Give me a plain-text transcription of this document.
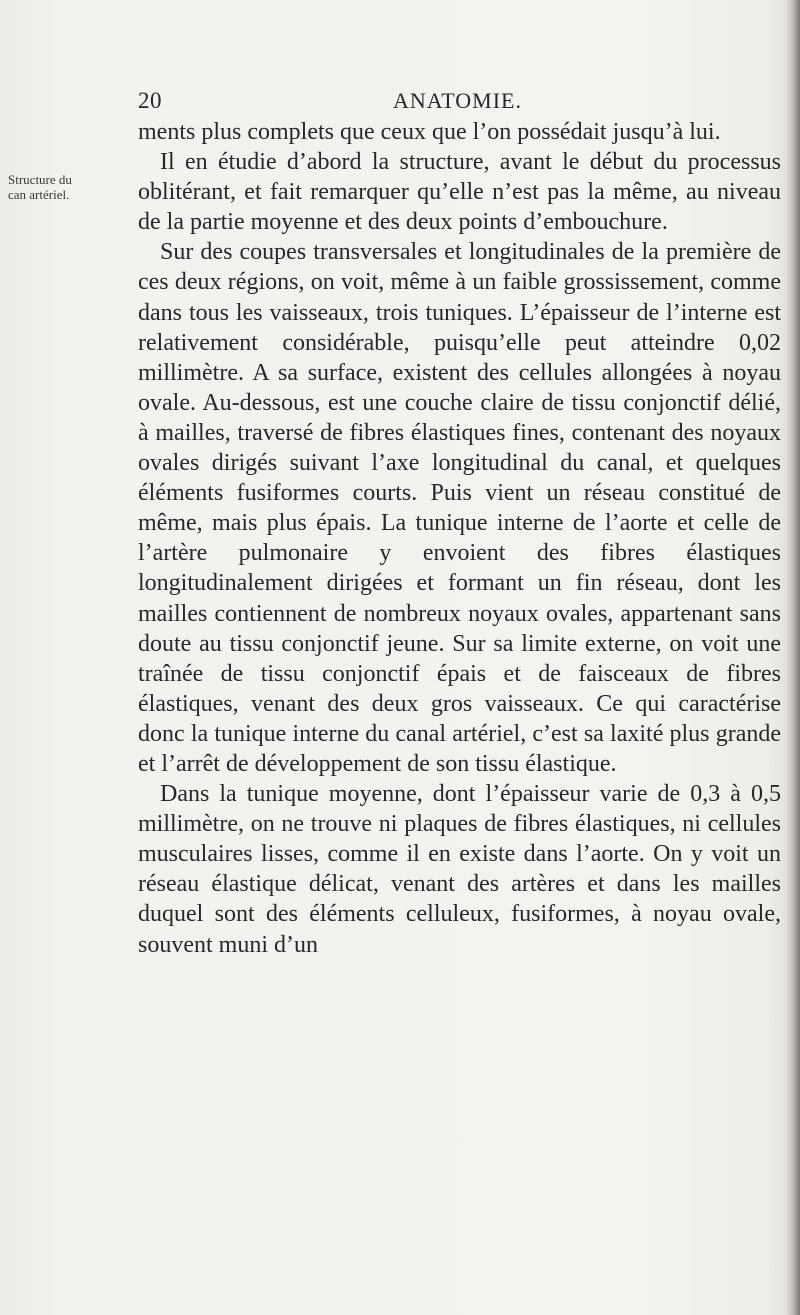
20	ANATOMIE.
Structure du
can artériel.

ments plus complets que ceux que l’on possédait jusqu’à lui.

Il en étudie d’abord la structure, avant le début du processus oblitérant, et fait remarquer qu’elle n’est pas la même, au niveau de la partie moyenne et des deux points d’embouchure.

Sur des coupes transversales et longitudinales de la première de ces deux régions, on voit, même à un faible grossissement, comme dans tous les vaisseaux, trois tuniques. L’épaisseur de l’interne est relativement considérable, puisqu’elle peut atteindre 0,02 millimètre. A sa surface, existent des cellules allongées à noyau ovale. Au-dessous, est une couche claire de tissu conjonctif délié, à mailles, traversé de fibres élastiques fines, contenant des noyaux ovales dirigés suivant l’axe longitudinal du canal, et quelques éléments fusiformes courts. Puis vient un réseau constitué de même, mais plus épais. La tunique interne de l’aorte et celle de l’artère pulmonaire y envoient des fibres élastiques longitudinalement dirigées et formant un fin réseau, dont les mailles contiennent de nombreux noyaux ovales, appartenant sans doute au tissu conjonctif jeune. Sur sa limite externe, on voit une traînée de tissu conjonctif épais et de faisceaux de fibres élastiques, venant des deux gros vaisseaux. Ce qui caractérise donc la tunique interne du canal artériel, c’est sa laxité plus grande et l’arrêt de développement de son tissu élastique.

Dans la tunique moyenne, dont l’épaisseur varie de 0,3 à 0,5 millimètre, on ne trouve ni plaques de fibres élastiques, ni cellules musculaires lisses, comme il en existe dans l’aorte. On y voit un réseau élastique délicat, venant des artères et dans les mailles duquel sont des éléments celluleux, fusiformes, à noyau ovale, souvent muni d’un
